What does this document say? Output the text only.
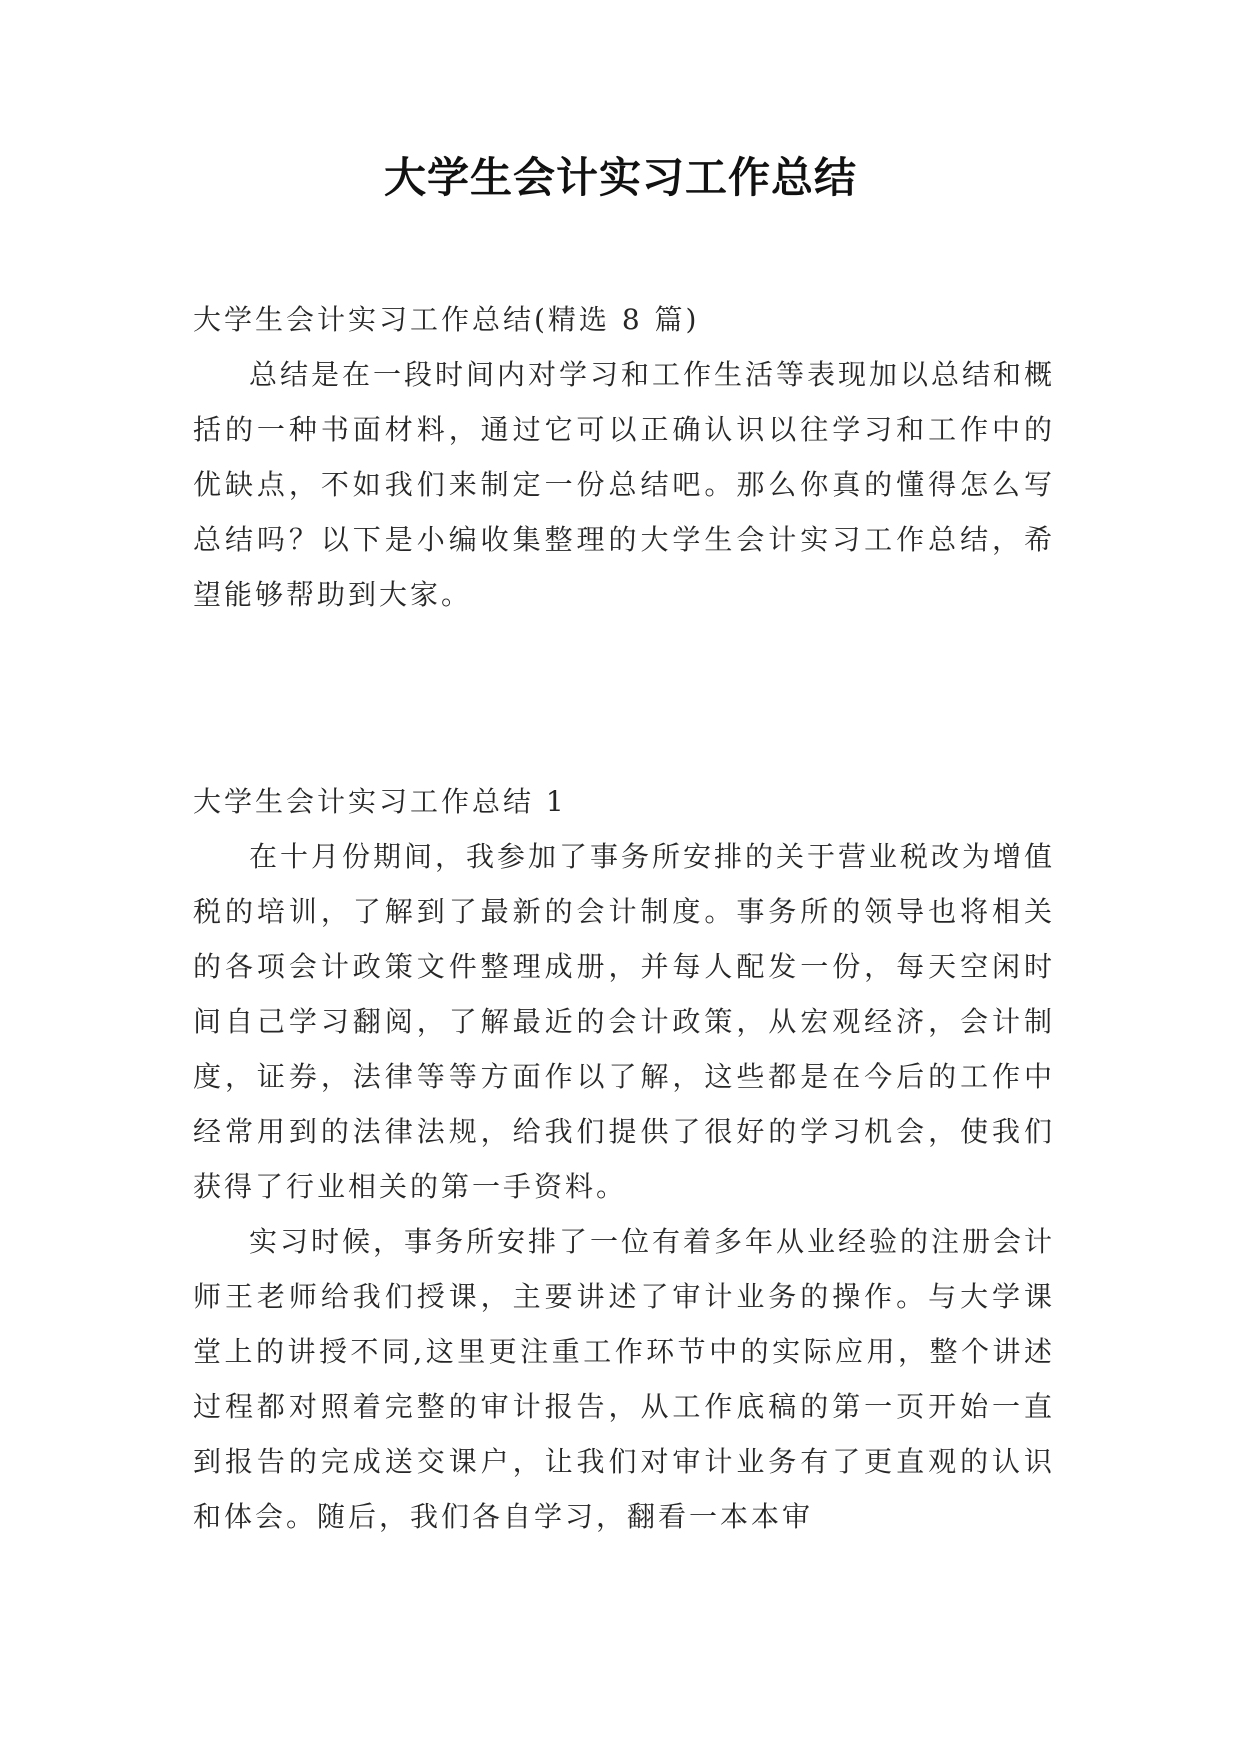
大学生会计实习工作总结

大学生会计实习工作总结(精选 8 篇)

总结是在一段时间内对学习和工作生活等表现加以总结和概括的一种书面材料，通过它可以正确认识以往学习和工作中的优缺点，不如我们来制定一份总结吧。那么你真的懂得怎么写总结吗？以下是小编收集整理的大学生会计实习工作总结，希望能够帮助到大家。

大学生会计实习工作总结 1

在十月份期间，我参加了事务所安排的关于营业税改为增值税的培训，了解到了最新的会计制度。事务所的领导也将相关的各项会计政策文件整理成册，并每人配发一份，每天空闲时间自己学习翻阅，了解最近的会计政策，从宏观经济，会计制度，证券，法律等等方面作以了解，这些都是在今后的工作中经常用到的法律法规，给我们提供了很好的学习机会，使我们获得了行业相关的第一手资料。

实习时候，事务所安排了一位有着多年从业经验的注册会计师王老师给我们授课，主要讲述了审计业务的操作。与大学课堂上的讲授不同,这里更注重工作环节中的实际应用，整个讲述过程都对照着完整的审计报告，从工作底稿的第一页开始一直到报告的完成送交课户，让我们对审计业务有了更直观的认识和体会。随后，我们各自学习，翻看一本本审
